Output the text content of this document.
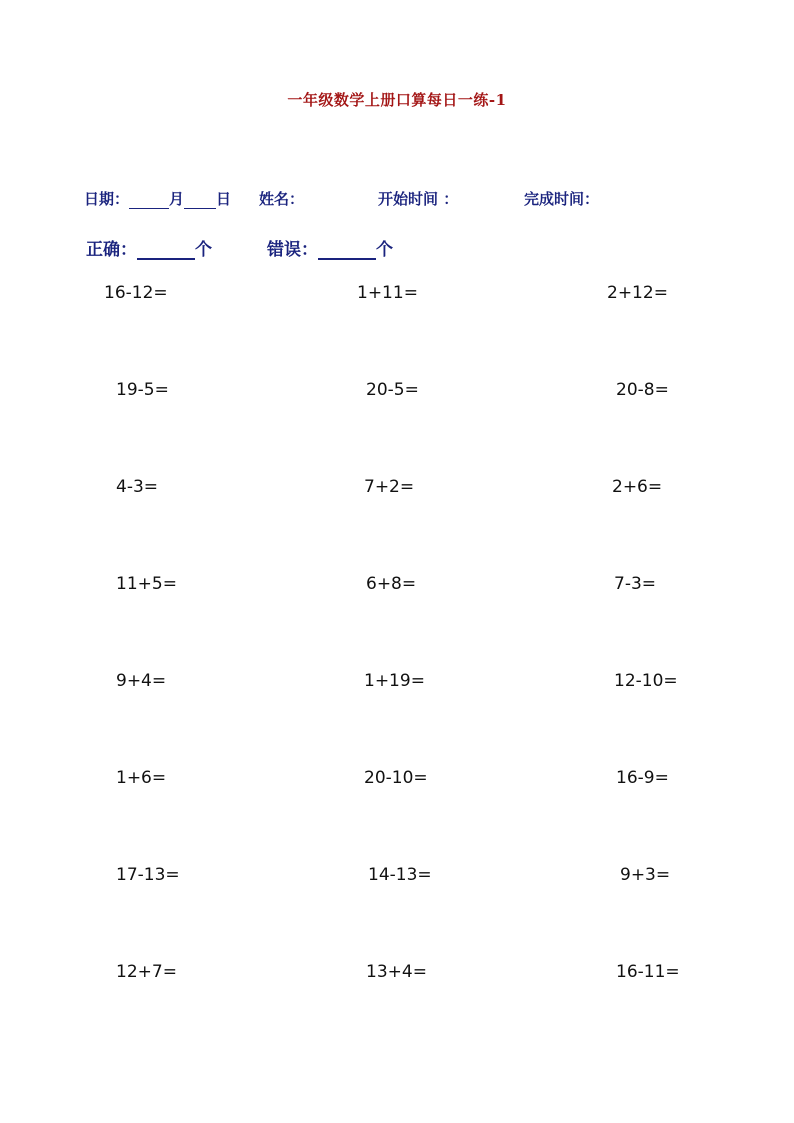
一年级数学上册口算每日一练-1
日期：	月 日 姓名：	开始时间 ：	完成时间：
正确：	个	错误：	个
16-12=	1+11=	2+12=
19-5=	20-5=	20-8=
4-3=	7+2=	2+6=
11+5=	6+8=	7-3=
9+4=	1+19=	12-10=
1+6=	20-10=	16-9=
17-13=	14-13=	9+3=
12+7=	13+4=	16-11=
